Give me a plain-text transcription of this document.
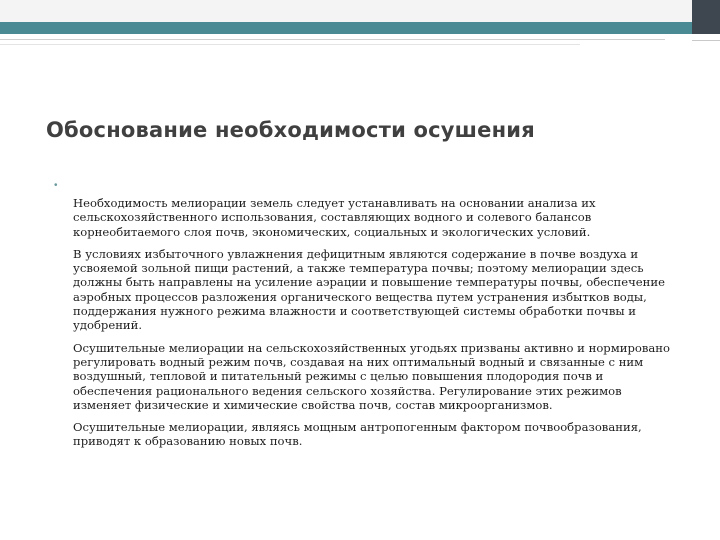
Обоснование необходимости осушения
•

Необходимость мелиорации земель следует устанавливать на основании анализа их сельскохозяйственного использования, составляющих водного и солевого балансов корнеобитаемого слоя почв, экономических, социальных и экологических условий.

В условиях избыточного увлажнения дефицитным являются содержание в почве воздуха и усвояемой зольной пищи растений, а также температура почвы; поэтому мелиорации здесь должны быть направлены на усиление аэрации и повышение температуры почвы, обеспечение аэробных процессов разложения органического вещества путем устранения избытков воды, поддержания нужного режима влажности и соответствующей системы обработки почвы и удобрений.

Осушительные мелиорации на сельскохозяйственных угодьях призваны активно и нормировано регулировать водный режим почв, создавая на них оптимальный водный и связанные с ним воздушный, тепловой и питательный режимы с целью повышения плодородия почв и обеспечения рационального ведения сельского хозяйства. Регулирование этих режимов изменяет физические и химические свойства почв, состав микроорганизмов.

Осушительные мелиорации, являясь мощным антропогенным фактором почвообразования, приводят к образованию новых почв.
